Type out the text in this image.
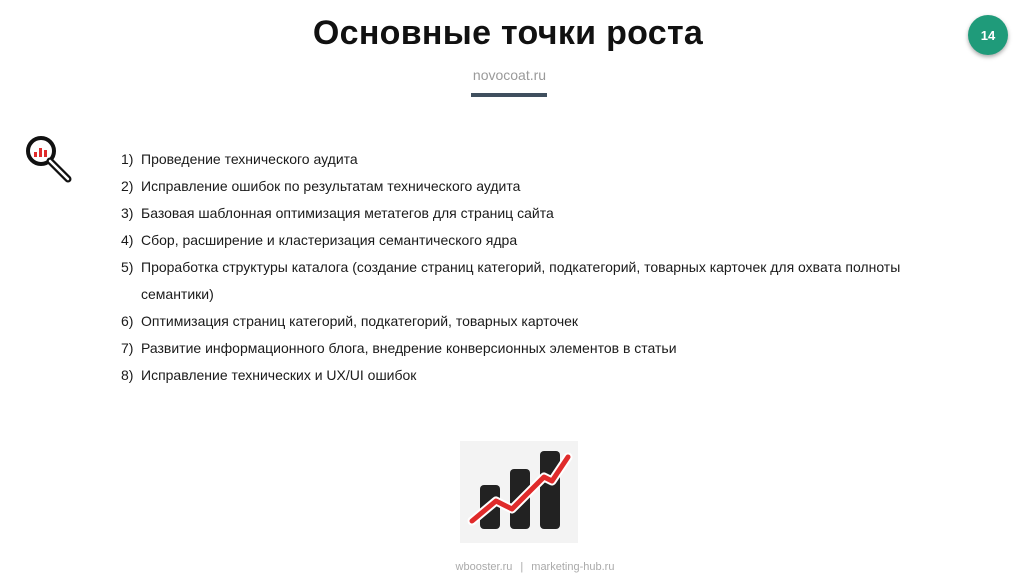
Основные точки роста
novocoat.ru
14
1) Проведение технического аудита
2) Исправление ошибок по результатам технического аудита
3) Базовая шаблонная оптимизация метатегов для страниц сайта
4) Сбор, расширение и кластеризация семантического ядра
5) Проработка структуры каталога (создание страниц категорий, подкатегорий, товарных карточек для охвата полноты семантики)
6) Оптимизация страниц категорий, подкатегорий, товарных карточек
7) Развитие информационного блога, внедрение конверсионных элементов в статьи
8) Исправление технических и UX/UI ошибок
wbooster.ru | marketing-hub.ru
